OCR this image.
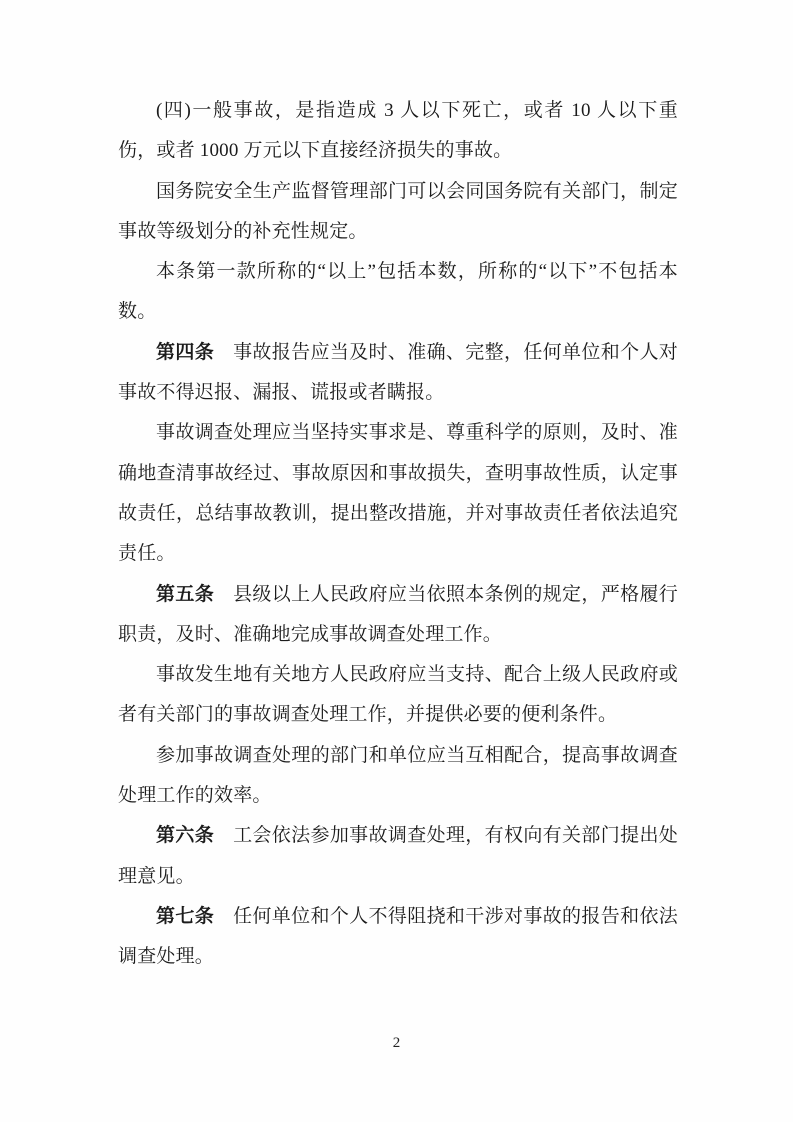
(四)一般事故，是指造成 3 人以下死亡，或者 10 人以下重伤，或者 1000 万元以下直接经济损失的事故。

国务院安全生产监督管理部门可以会同国务院有关部门，制定事故等级划分的补充性规定。

本条第一款所称的“以上”包括本数，所称的“以下”不包括本数。

第四条 事故报告应当及时、准确、完整，任何单位和个人对事故不得迟报、漏报、谎报或者瞒报。

事故调查处理应当坚持实事求是、尊重科学的原则，及时、准确地查清事故经过、事故原因和事故损失，查明事故性质，认定事故责任，总结事故教训，提出整改措施，并对事故责任者依法追究责任。

第五条 县级以上人民政府应当依照本条例的规定，严格履行职责，及时、准确地完成事故调查处理工作。

事故发生地有关地方人民政府应当支持、配合上级人民政府或者有关部门的事故调查处理工作，并提供必要的便利条件。

参加事故调查处理的部门和单位应当互相配合，提高事故调查处理工作的效率。

第六条 工会依法参加事故调查处理，有权向有关部门提出处理意见。

第七条 任何单位和个人不得阻挠和干涉对事故的报告和依法调查处理。

2
